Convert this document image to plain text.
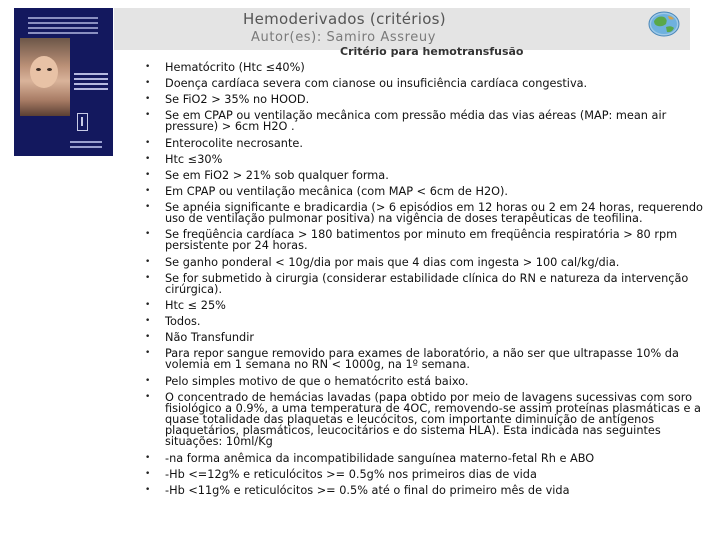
Hemoderivados (critérios)
Autor(es): Samiro Assreuy
Critério para hemotransfusão
• Hematócrito (Htc ≤40%)
• Doença cardíaca severa com cianose ou insuficiência cardíaca congestiva.
• Se FiO2 > 35% no HOOD.
• Se em CPAP ou ventilação mecânica com pressão média das vias aéreas (MAP: mean air pressure) > 6cm H2O .
• Enterocolite necrosante.
• Htc ≤30%
• Se em FiO2 > 21% sob qualquer forma.
• Em CPAP ou ventilação mecânica (com MAP < 6cm de H2O).
• Se apnéia significante e bradicardia (> 6 episódios em 12 horas ou 2 em 24 horas, requerendo uso de ventilação pulmonar positiva) na vigência de doses terapêuticas de teofilina.
• Se freqüência cardíaca > 180 batimentos por minuto em freqüência respiratória > 80 rpm persistente por 24 horas.
• Se ganho ponderal < 10g/dia por mais que 4 dias com ingesta > 100 cal/kg/dia.
• Se for submetido à cirurgia (considerar estabilidade clínica do RN e natureza da intervenção cirúrgica).
• Htc ≤ 25%
• Todos.
• Não Transfundir
• Para repor sangue removido para exames de laboratório, a não ser que ultrapasse 10% da volemia em 1 semana no RN < 1000g, na 1º semana.
• Pelo simples motivo de que o hematócrito está baixo.
• O concentrado de hemácias lavadas (papa obtido por meio de lavagens sucessivas com soro fisiológico a 0.9%, a uma temperatura de 4OC, removendo-se assim proteínas plasmáticas e a quase totalidade das plaquetas e leucócitos, com importante diminuição de antígenos plaquetários, plasmáticos, leucocitários e do sistema HLA). Esta indicada nas seguintes situações: 10ml/Kg
• -na forma anêmica da incompatibilidade sanguínea materno-fetal Rh e ABO
• -Hb <=12g% e reticulócitos >= 0.5g% nos primeiros dias de vida
• -Hb <11g% e reticulócitos >= 0.5% até o final do primeiro mês de vida
